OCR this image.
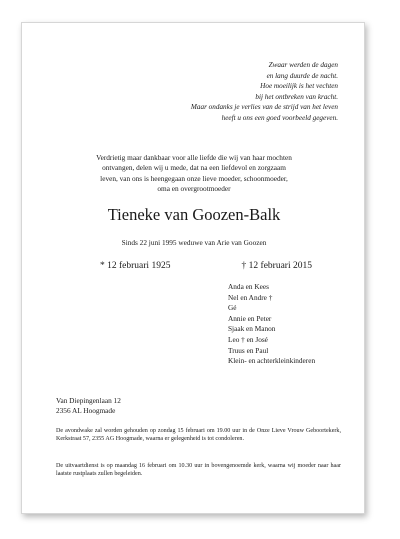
Zwaar werden de dagen
en lang duurde de nacht.
Hoe moeilijk is het vechten
bij het ontbreken van kracht.
Maar ondanks je verlies van de strijd van het leven
heeft u ons een goed voorbeeld gegeven.
Verdrietig maar dankbaar voor alle liefde die wij van haar mochten
ontvangen, delen wij u mede, dat na een liefdevol en zorgzaam
leven, van ons is heengegaan onze lieve moeder, schoonmoeder,
oma en overgrootmoeder
Tieneke van Goozen-Balk
Sinds 22 juni 1995 weduwe van Arie van Goozen
* 12 februari 1925	† 12 februari 2015
Anda en Kees
Nel en Andre †
Gé
Annie en Peter
Sjaak en Manon
Leo † en José
Truus en Paul
Klein- en achterkleinkinderen
Van Diepingenlaan 12
2356 AL Hoogmade
De avondwake zal worden gehouden op zondag 15 februari om 19.00 uur in de Onze Lieve Vrouw Geboortekerk, Kerkstraat 57, 2355 AG Hoogmade, waarna er gelegenheid is tot condoleren.
De uitvaartdienst is op maandag 16 februari om 10.30 uur in bovengenoemde kerk, waarna wij moeder naar haar laatste rustplaats zullen begeleiden.
